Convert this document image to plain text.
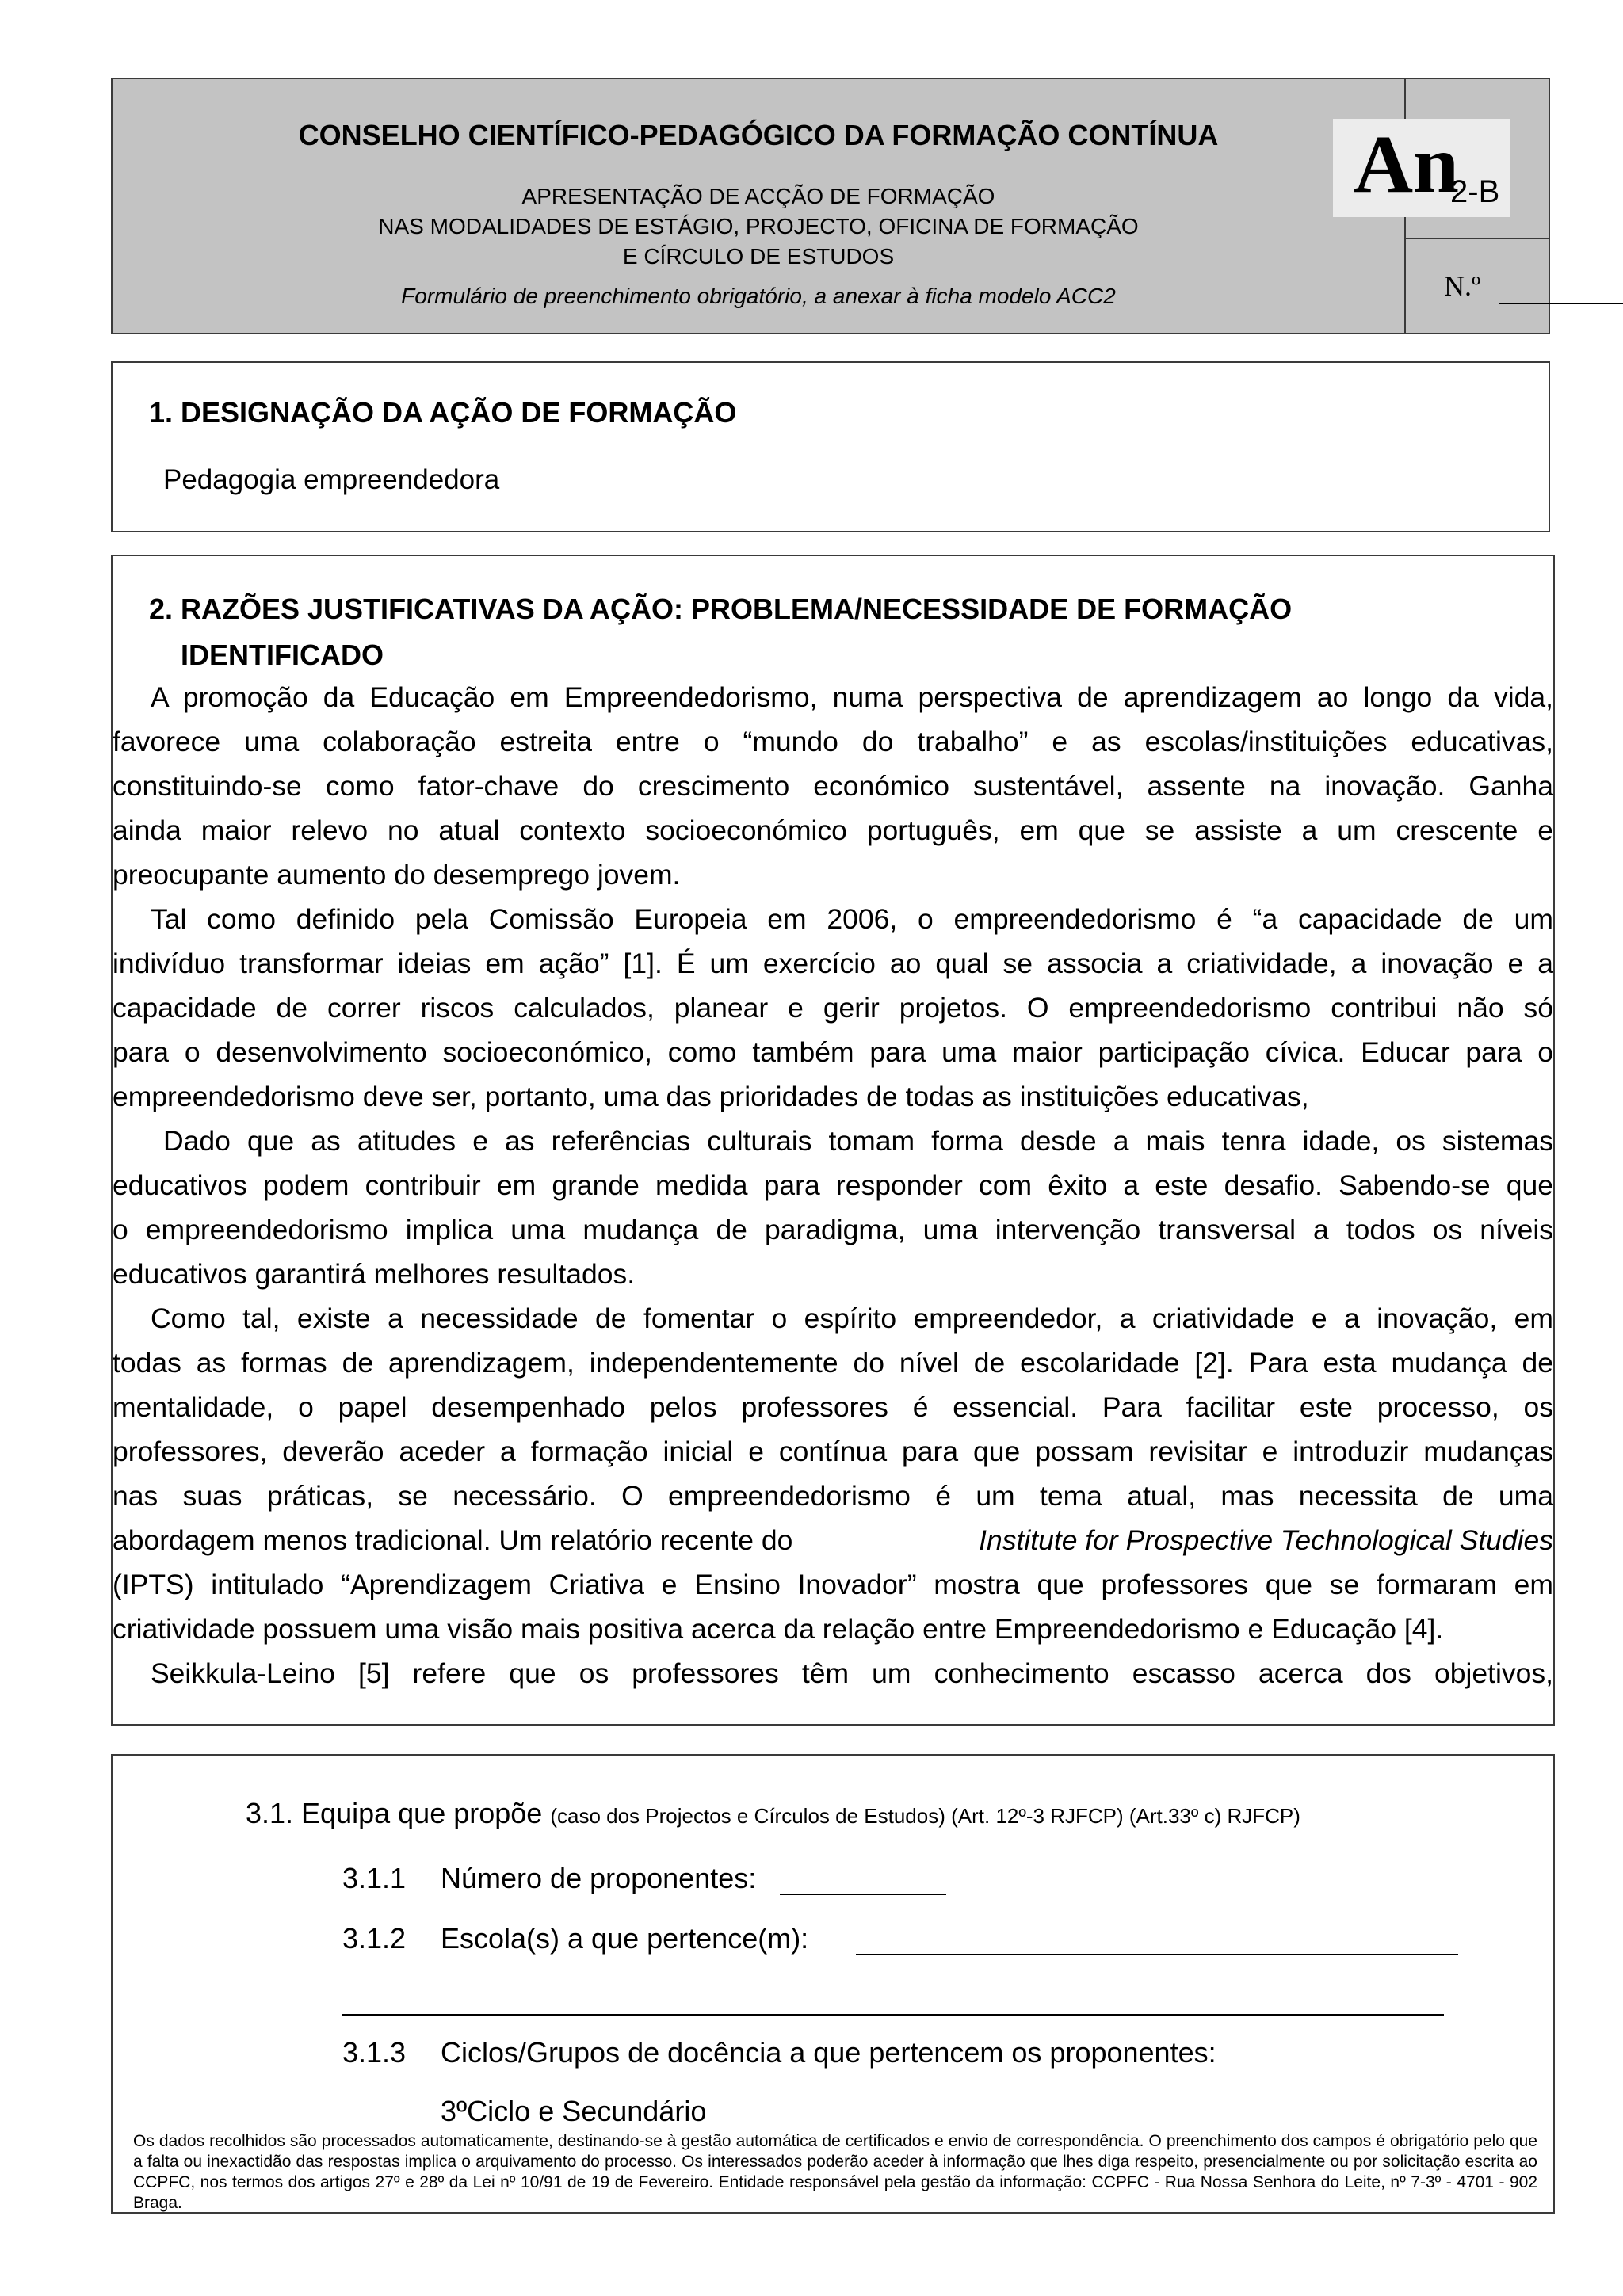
CONSELHO CIENTÍFICO-PEDAGÓGICO DA FORMAÇÃO CONTÍNUA
APRESENTAÇÃO DE ACÇÃO DE FORMAÇÃO
NAS MODALIDADES DE ESTÁGIO, PROJECTO, OFICINA DE FORMAÇÃO
E CÍRCULO DE ESTUDOS
Formulário de preenchimento obrigatório, a anexar à ficha modelo ACC2
An
2-B
N.º
1. DESIGNAÇÃO DA AÇÃO DE FORMAÇÃO
Pedagogia empreendedora
2. RAZÕES JUSTIFICATIVAS DA AÇÃO: PROBLEMA/NECESSIDADE DE FORMAÇÃO
IDENTIFICADO
A promoção da Educação em Empreendedorismo, numa perspectiva de aprendizagem ao longo da vida,
favorece uma colaboração estreita entre o “mundo do trabalho” e as escolas/instituições educativas,
constituindo-se como fator-chave do crescimento económico sustentável, assente na inovação. Ganha
ainda maior relevo no atual contexto socioeconómico português, em que se assiste a um crescente e
preocupante aumento do desemprego jovem.
Tal como definido pela Comissão Europeia em 2006, o empreendedorismo é “a capacidade de um
indivíduo transformar ideias em ação” [1]. É um exercício ao qual se associa a criatividade, a inovação e a
capacidade de correr riscos calculados, planear e gerir projetos. O empreendedorismo contribui não só
para o desenvolvimento socioeconómico, como também para uma maior participação cívica. Educar para o
empreendedorismo deve ser, portanto, uma das prioridades de todas as instituições educativas,
Dado que as atitudes e as referências culturais tomam forma desde a mais tenra idade, os sistemas
educativos podem contribuir em grande medida para responder com êxito a este desafio. Sabendo-se que
o empreendedorismo implica uma mudança de paradigma, uma intervenção transversal a todos os níveis
educativos garantirá melhores resultados.
Como tal, existe a necessidade de fomentar o espírito empreendedor, a criatividade e a inovação, em
todas as formas de aprendizagem, independentemente do nível de escolaridade [2]. Para esta mudança de
mentalidade, o papel desempenhado pelos professores é essencial. Para facilitar este processo, os
professores, deverão aceder a formação inicial e contínua para que possam revisitar e introduzir mudanças
nas suas práticas, se necessário. O empreendedorismo é um tema atual, mas necessita de uma
abordagem menos tradicional. Um relatório recente do	Institute for Prospective Technological Studies
(IPTS) intitulado “Aprendizagem Criativa e Ensino Inovador” mostra que professores que se formaram em
criatividade possuem uma visão mais positiva acerca da relação entre Empreendedorismo e Educação [4].
Seikkula-Leino [5] refere que os professores têm um conhecimento escasso acerca dos objetivos,
3.1. Equipa que propõe (caso dos Projectos e Círculos de Estudos) (Art. 12º-3 RJFCP) (Art.33º c) RJFCP)
3.1.1 Número de proponentes:
3.1.2 Escola(s) a que pertence(m):
3.1.3 Ciclos/Grupos de docência a que pertencem os proponentes:
3ºCiclo e Secundário
Os dados recolhidos são processados automaticamente, destinando-se à gestão automática de certificados e envio de correspondência. O preenchimento dos campos é obrigatório pelo que a falta ou inexactidão das respostas implica o arquivamento do processo. Os interessados poderão aceder à informação que lhes diga respeito, presencialmente ou por solicitação escrita ao CCPFC, nos termos dos artigos 27º e 28º da Lei nº 10/91 de 19 de Fevereiro. Entidade responsável pela gestão da informação: CCPFC - Rua Nossa Senhora do Leite, nº 7-3º - 4701 - 902 Braga.
